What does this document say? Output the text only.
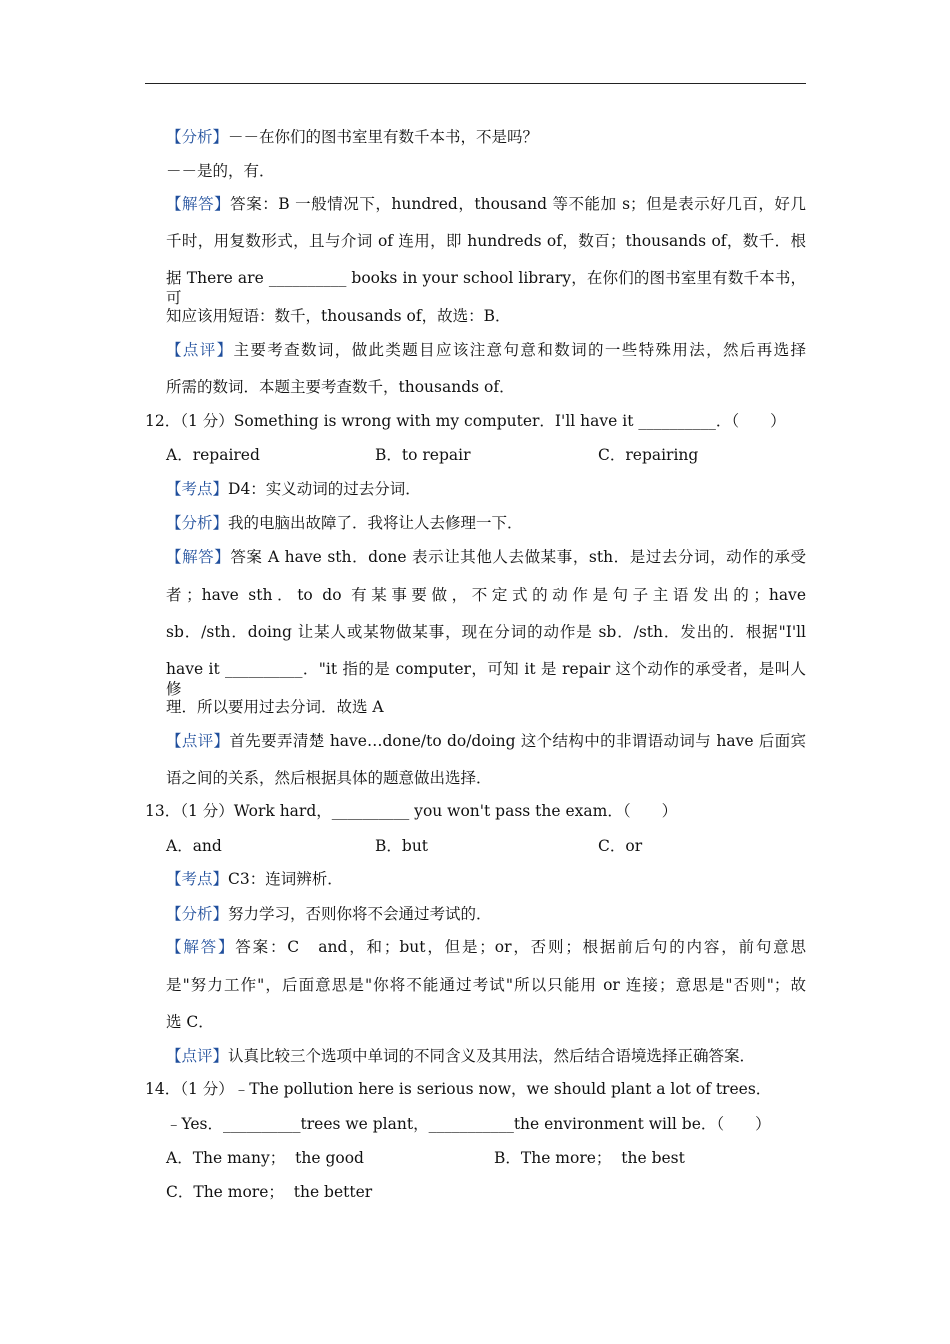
【分析】－－在你们的图书室里有数千本书，不是吗？
－－是的，有．
【解答】答案：B 一般情况下，hundred，thousand 等不能加 s；但是表示好几百，好几
千时，用复数形式，且与介词 of 连用，即 hundreds of，数百；thousands of，数千．根
据 There are __________ books in your school library，在你们的图书室里有数千本书，可
知应该用短语：数千，thousands of，故选：B．
【点评】主要考查数词，做此类题目应该注意句意和数词的一些特殊用法，然后再选择
所需的数词．本题主要考查数千，thousands of．
12．（1 分）Something is wrong with my computer．I'll have it __________．（　　）
A．repaired	B．to repair	C．repairing
【考点】D4：实义动词的过去分词．
【分析】我的电脑出故障了．我将让人去修理一下．
【解答】答案 A have sth．done 表示让其他人去做某事，sth．是过去分词，动作的承受
者；have sth．to do 有某事要做，不定式的动作是句子主语发出的；have
sb．/sth．doing 让某人或某物做某事，现在分词的动作是 sb．/sth．发出的．根据"I'll
have it __________．"it 指的是 computer，可知 it 是 repair 这个动作的承受者，是叫人修
理．所以要用过去分词．故选 A
【点评】首先要弄清楚 have…done/to do/doing 这个结构中的非谓语动词与 have 后面宾
语之间的关系，然后根据具体的题意做出选择．
13．（1 分）Work hard，__________ you won't pass the exam．（　　）
A．and	B．but	C．or
【考点】C3：连词辨析．
【分析】努力学习，否则你将不会通过考试的．
【解答】答案：C　and，和；but，但是；or，否则；根据前后句的内容，前句意思
是"努力工作"，后面意思是"你将不能通过考试"所以只能用 or 连接；意思是"否则"；故
选 C．
【点评】认真比较三个选项中单词的不同含义及其用法，然后结合语境选择正确答案．
14．（1 分）﹣The pollution here is serious now，we should plant a lot of trees．
﹣Yes．__________trees we plant，___________the environment will be．（　　）
A．The many；  the good	B．The more；  the best
C．The more；  the better
